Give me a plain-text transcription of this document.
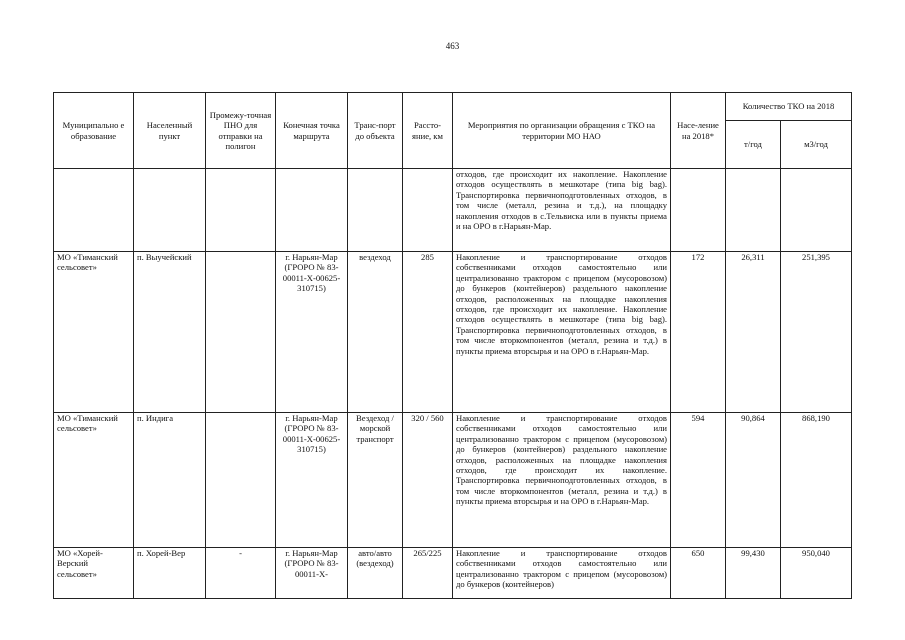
463
Муниципально е образование	Населенный пункт	Промежу-точная ПНО для отправки на полигон	Конечная точка маршрута	Транс-порт до объекта	Рассто-яние, км	Мероприятия по организации обращения с ТКО на территории МО НАО	Насе-ление на 2018*	Количество ТКО на 2018	
								т/год	м3/год
						отходов, где происходит их накопление. Накопление отходов осуществлять в мешкотаре (типа big bag). Транспортировка первичноподготовленных отходов, в том числе (металл, резина и т.д.), на площадку накопления отходов в с.Тельвиска или в пункты приема и на ОРО в г.Нарьян-Мар.			
МО «Тиманский сельсовет»	п. Выучейский		г. Нарьян-Мар (ГРОРО № 83-00011-Х-00625-310715)	вездеход	285	Накопление и транспортирование отходов собственниками отходов самостоятельно или централизованно трактором с прицепом (мусоровозом) до бункеров (контейнеров) раздельного накопление отходов, расположенных на площадке накопления отходов, где происходит их накопление. Накопление отходов осуществлять в мешкотаре (типа big bag). Транспортировка первичноподготовленных отходов, в том числе вторкомпонентов (металл, резина и т.д.) в пункты приема вторсырья и на ОРО в г.Нарьян-Мар.	172	26,311	251,395
МО «Тиманский сельсовет»	п. Индига		г. Нарьян-Мар (ГРОРО № 83-00011-Х-00625-310715)	Вездеход / морской транспорт	320 / 560	Накопление и транспортирование отходов собственниками отходов самостоятельно или централизованно трактором с прицепом (мусоровозом) до бункеров (контейнеров) раздельного накопление отходов, расположенных на площадке накопления отходов, где происходит их накопление. Транспортировка первичноподготовленных отходов, в том числе вторкомпонентов (металл, резина и т.д.) в пункты приема вторсырья и на ОРО в г.Нарьян-Мар.	594	90,864	868,190

МО «Хорей-Верский сельсовет»	п. Хорей-Вер	-	г. Нарьян-Мар (ГРОРО № 83-00011-Х-	авто/авто (вездеход)	265/225	Накопление и транспортирование отходов собственниками отходов самостоятельно или централизованно трактором с прицепом (мусоровозом) до бункеров (контейнеров)	650	99,430	950,040
